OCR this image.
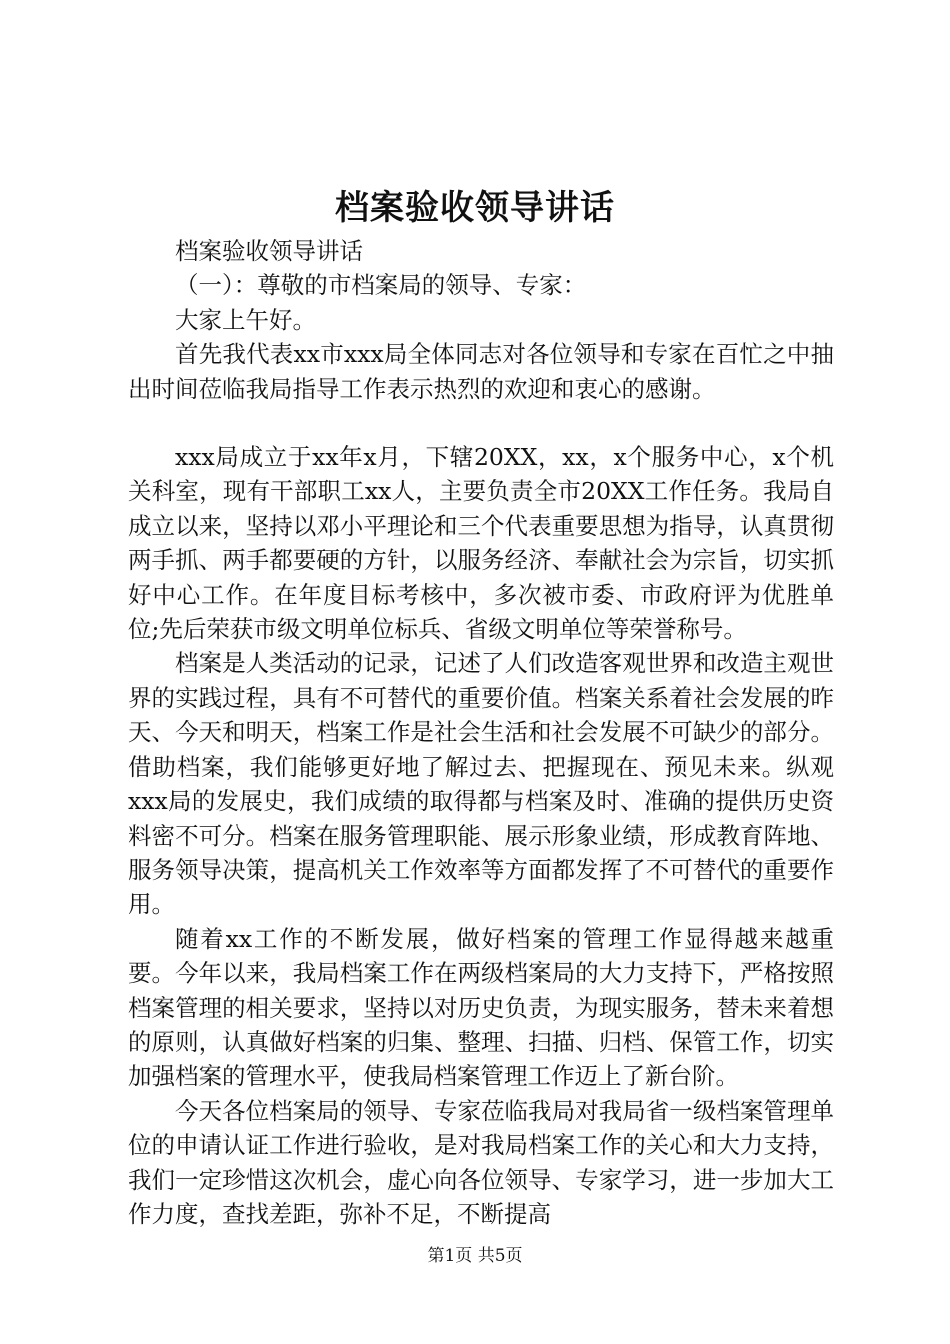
档案验收领导讲话

档案验收领导讲话

（一）：尊敬的市档案局的领导、专家：

大家上午好。

首先我代表xx市xxx局全体同志对各位领导和专家在百忙之中抽出时间莅临我局指导工作表示热烈的欢迎和衷心的感谢。

xxx局成立于xx年x月，下辖20XX，xx，x个服务中心，x个机关科室，现有干部职工xx人，主要负责全市20XX工作任务。我局自成立以来，坚持以邓小平理论和三个代表重要思想为指导，认真贯彻两手抓、两手都要硬的方针，以服务经济、奉献社会为宗旨，切实抓好中心工作。在年度目标考核中，多次被市委、市政府评为优胜单位;先后荣获市级文明单位标兵、省级文明单位等荣誉称号。

档案是人类活动的记录，记述了人们改造客观世界和改造主观世界的实践过程，具有不可替代的重要价值。档案关系着社会发展的昨天、今天和明天，档案工作是社会生活和社会发展不可缺少的部分。借助档案，我们能够更好地了解过去、把握现在、预见未来。纵观xxx局的发展史，我们成绩的取得都与档案及时、准确的提供历史资料密不可分。档案在服务管理职能、展示形象业绩，形成教育阵地、服务领导决策，提高机关工作效率等方面都发挥了不可替代的重要作用。

随着xx工作的不断发展，做好档案的管理工作显得越来越重要。今年以来，我局档案工作在两级档案局的大力支持下，严格按照档案管理的相关要求，坚持以对历史负责，为现实服务，替未来着想的原则，认真做好档案的归集、整理、扫描、归档、保管工作，切实加强档案的管理水平，使我局档案管理工作迈上了新台阶。

今天各位档案局的领导、专家莅临我局对我局省一级档案管理单位的申请认证工作进行验收，是对我局档案工作的关心和大力支持，我们一定珍惜这次机会，虚心向各位领导、专家学习，进一步加大工作力度，查找差距，弥补不足，不断提高

第1页 共5页
